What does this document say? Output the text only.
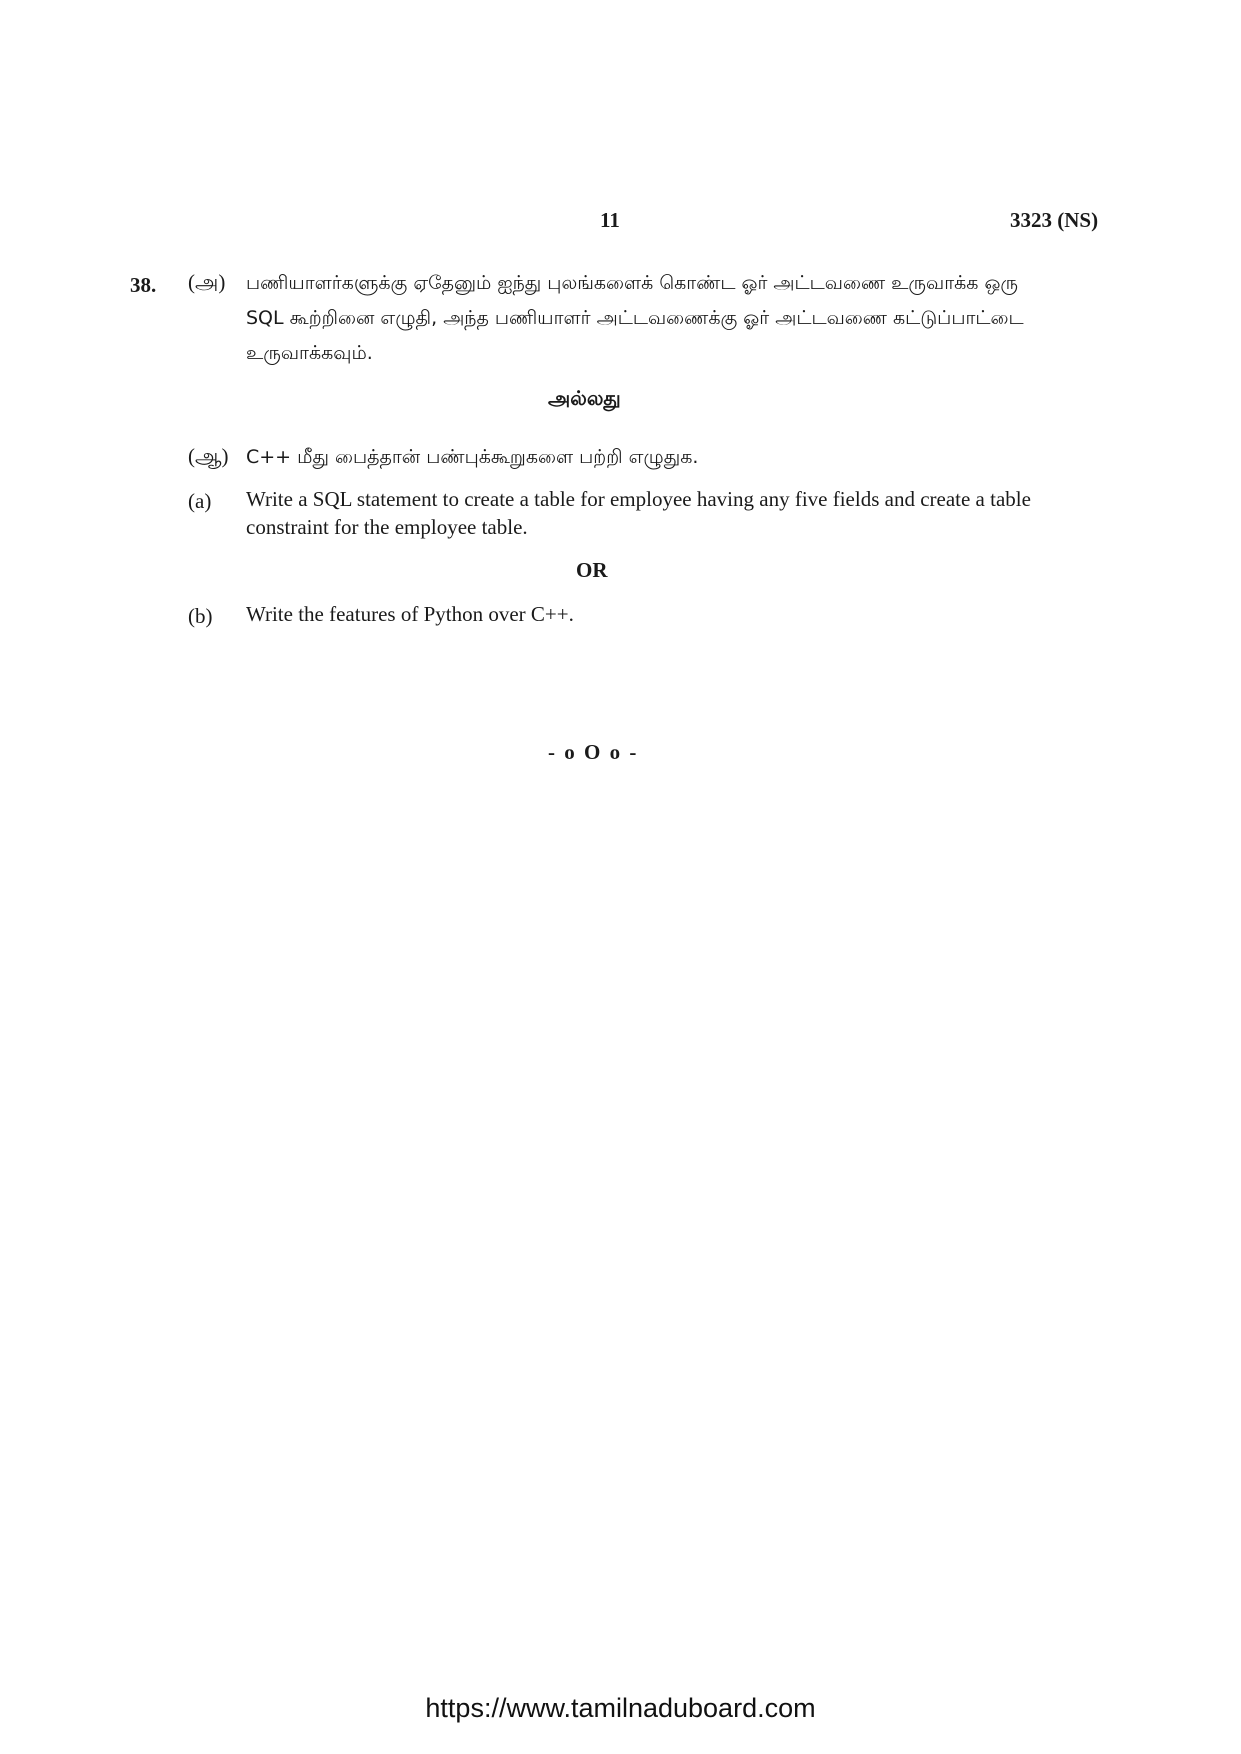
11	3323 (NS)
38. (அ) பணியாளர்களுக்கு ஏதேனும் ஐந்து புலங்களைக் கொண்ட ஓர் அட்டவணை உருவாக்க ஒரு SQL கூற்றினை எழுதி, அந்த பணியாளர் அட்டவணைக்கு ஓர் அட்டவணை கட்டுப்பாட்டை உருவாக்கவும்.
அல்லது
(ஆ) C++ மீது பைத்தான் பண்புக்கூறுகளை பற்றி எழுதுக.
(a) Write a SQL statement to create a table for employee having any five fields and create a table constraint for the employee table.
OR
(b) Write the features of Python over C++.
- o O o -
https://www.tamilnaduboard.com
